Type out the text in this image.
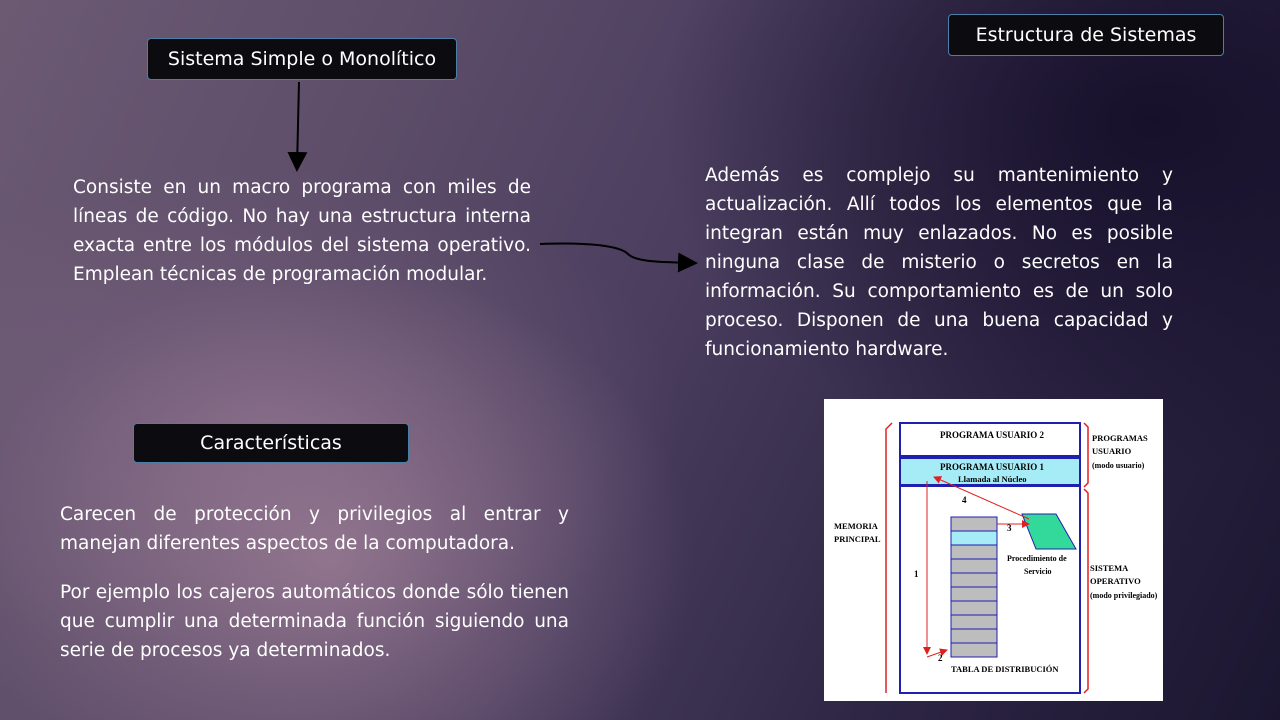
Estructura de Sistemas
Sistema Simple o Monolítico

Consiste en un macro programa con miles de líneas de código. No hay una estructura interna exacta entre los módulos del sistema operativo. Emplean técnicas de programación modular.

Además es complejo su mantenimiento y actualización. Allí todos los elementos que la integran están muy enlazados. No es posible ninguna clase de misterio o secretos en la información. Su comportamiento es de un solo proceso. Disponen de una buena capacidad y funcionamiento hardware.

Características

Carecen de protección y privilegios al entrar y manejan diferentes aspectos de la computadora.

Por ejemplo los cajeros automáticos donde sólo tienen que cumplir una determinada función siguiendo una serie de procesos ya determinados.

PROGRAMA USUARIO 2
PROGRAMA USUARIO 1
Llamada al Núcleo
MEMORIA
PRINCIPAL
PROGRAMAS
USUARIO
(modo usuario)
SISTEMA
OPERATIVO
(modo privilegiado)
TABLA DE DISTRIBUCIÓN
Procedimiento de
Servicio
1
2
3
4
